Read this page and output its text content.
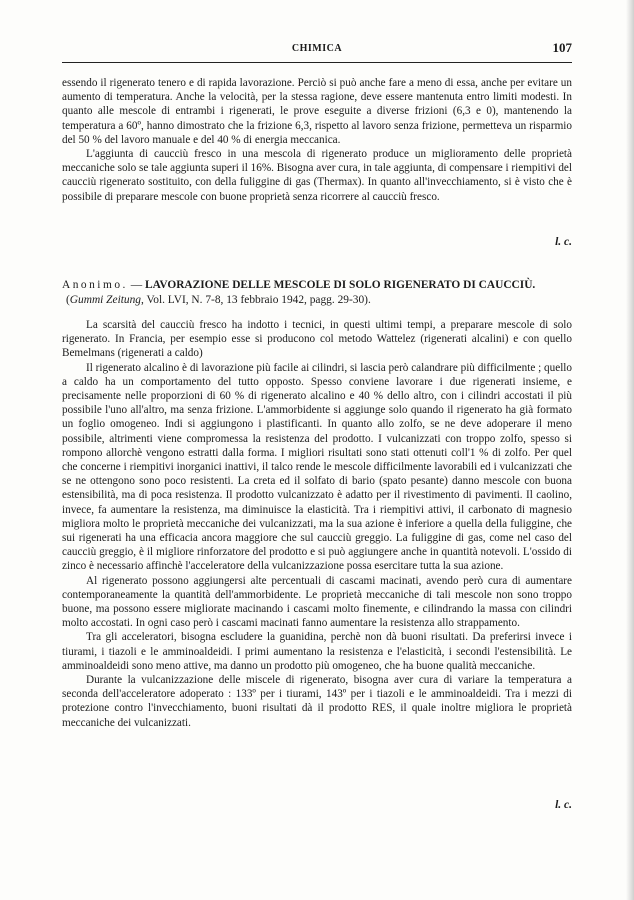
CHIMICA	107

essendo il rigenerato tenero e di rapida lavorazione. Perciò si può anche fare a meno di essa, anche per evitare un aumento di temperatura. Anche la velocità, per la stessa ragione, deve essere mantenuta entro limiti modesti. In quanto alle mescole di entrambi i rigenerati, le prove eseguite a diverse frizioni (6,3 e 0), mantenendo la temperatura a 60º, hanno dimostrato che la frizione 6,3, rispetto al lavoro senza frizione, permetteva un risparmio del 50 % del lavoro manuale e del 40 % di energia meccanica.

L'aggiunta di caucciù fresco in una mescola di rigenerato produce un miglioramento delle proprietà meccaniche solo se tale aggiunta superi il 16%. Bisogna aver cura, in tale aggiunta, di compensare i riempitivi del caucciù rigenerato sostituito, con della fuliggine di gas (Thermax). In quanto all'invecchiamento, si è visto che è possibile di preparare mescole con buone proprietà senza ricorrere al caucciù fresco.

l. c.
Anonimo. — LAVORAZIONE DELLE MESCOLE DI SOLO RIGENERATO DI CAUCCIÙ.
(Gummi Zeitung, Vol. LVI, N. 7-8, 13 febbraio 1942, pagg. 29-30).

La scarsità del caucciù fresco ha indotto i tecnici, in questi ultimi tempi, a preparare mescole di solo rigenerato. In Francia, per esempio esse si producono col metodo Wattelez (rigenerati alcalini) e con quello Bemelmans (rigenerati a caldo)

Il rigenerato alcalino è di lavorazione più facile ai cilindri, si lascia però calandrare più difficilmente ; quello a caldo ha un comportamento del tutto opposto. Spesso conviene lavorare i due rigenerati insieme, e precisamente nelle proporzioni di 60 % di rigenerato alcalino e 40 % dello altro, con i cilindri accostati il più possibile l'uno all'altro, ma senza frizione. L'ammorbidente si aggiunge solo quando il rigenerato ha già formato un foglio omogeneo. Indi si aggiungono i plastificanti. In quanto allo zolfo, se ne deve adoperare il meno possibile, altrimenti viene compromessa la resistenza del prodotto. I vulcanizzati con troppo zolfo, spesso si rompono allorchè vengono estratti dalla forma. I migliori risultati sono stati ottenuti coll'1 % di zolfo. Per quel che concerne i riempitivi inorganici inattivi, il talco rende le mescole difficilmente lavorabili ed i vulcanizzati che se ne ottengono sono poco resistenti. La creta ed il solfato di bario (spato pesante) danno mescole con buona estensibilità, ma di poca resistenza. Il prodotto vulcanizzato è adatto per il rivestimento di pavimenti. Il caolino, invece, fa aumentare la resistenza, ma diminuisce la elasticità. Tra i riempitivi attivi, il carbonato di magnesio migliora molto le proprietà meccaniche dei vulcanizzati, ma la sua azione è inferiore a quella della fuliggine, che sui rigenerati ha una efficacia ancora maggiore che sul caucciù greggio. La fuliggine di gas, come nel caso del caucciù greggio, è il migliore rinforzatore del prodotto e si può aggiungere anche in quantità notevoli. L'ossido di zinco è necessario affinchè l'acceleratore della vulcanizzazione possa esercitare tutta la sua azione.

Al rigenerato possono aggiungersi alte percentuali di cascami macinati, avendo però cura di aumentare contemporaneamente la quantità dell'ammorbidente. Le proprietà meccaniche di tali mescole non sono troppo buone, ma possono essere migliorate macinando i cascami molto finemente, e cilindrando la massa con cilindri molto accostati. In ogni caso però i cascami macinati fanno aumentare la resistenza allo strappamento.

Tra gli acceleratori, bisogna escludere la guanidina, perchè non dà buoni risultati. Da preferirsi invece i tiurami, i tiazoli e le amminoaldeidi. I primi aumentano la resistenza e l'elasticità, i secondi l'estensibilità. Le amminoaldeidi sono meno attive, ma danno un prodotto più omogeneo, che ha buone qualità meccaniche.

Durante la vulcanizzazione delle miscele di rigenerato, bisogna aver cura di variare la temperatura a seconda dell'acceleratore adoperato : 133º per i tiurami, 143º per i tiazoli e le amminoaldeidi. Tra i mezzi di protezione contro l'invecchiamento, buoni risultati dà il prodotto RES, il quale inoltre migliora le proprietà meccaniche dei vulcanizzati.

l. c.
